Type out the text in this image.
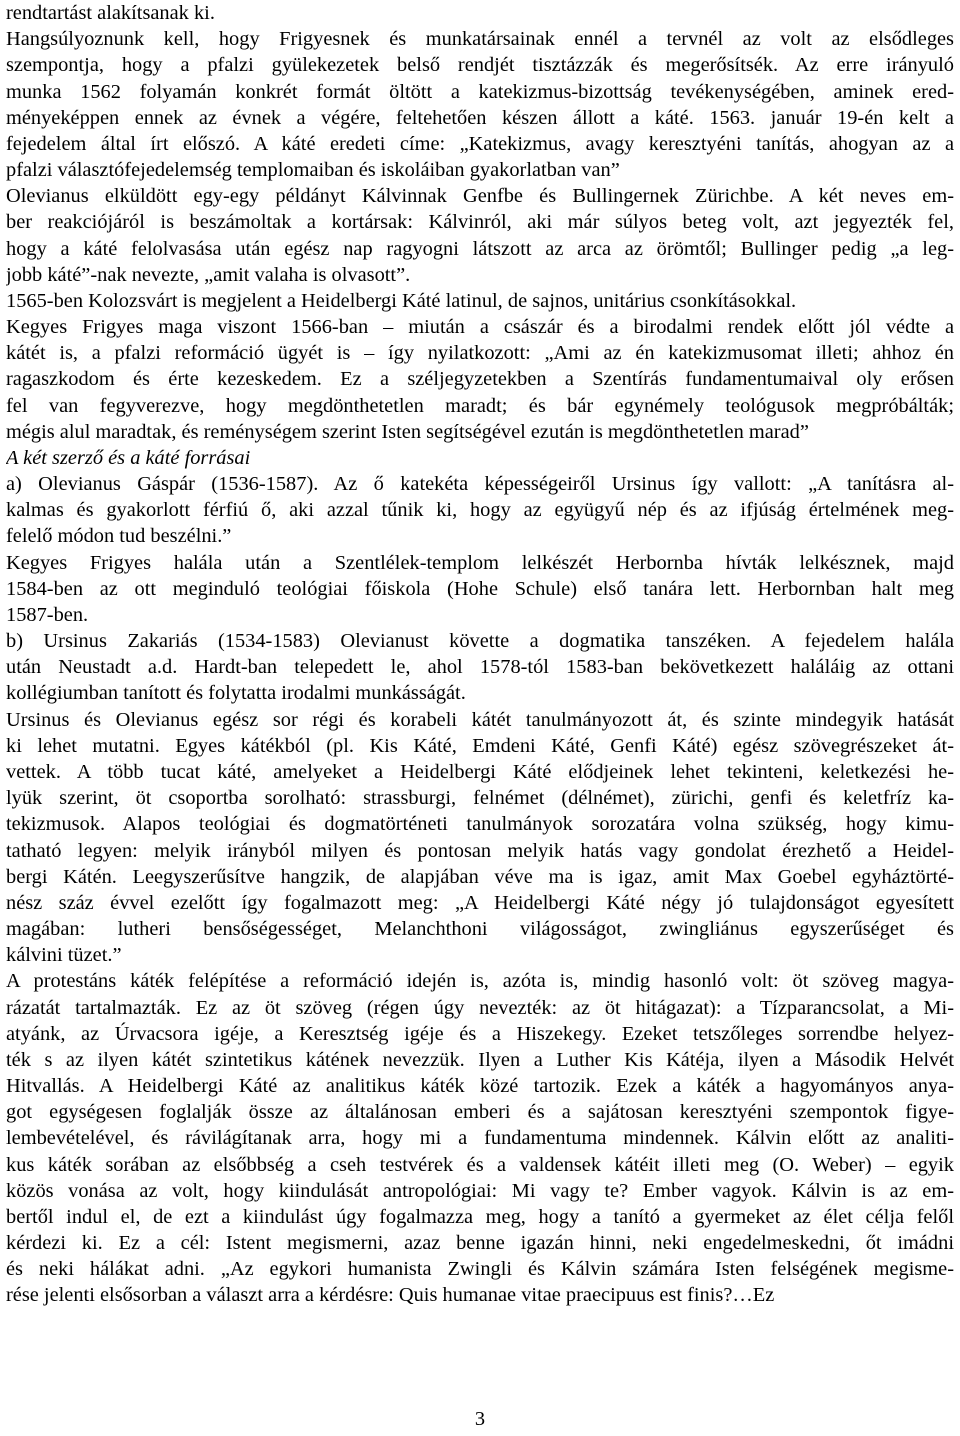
rendtartást alakítsanak ki.
Hangsúlyoznunk kell, hogy Frigyesnek és munkatársainak ennél a tervnél az volt az elsődleges
szempontja, hogy a pfalzi gyülekezetek belső rendjét tisztázzák és megerősítsék. Az erre irányuló
munka 1562 folyamán konkrét formát öltött a katekizmus-bizottság tevékenységében, aminek ered-
ményeképpen ennek az évnek a végére, feltehetően készen állott a káté. 1563. január 19-én kelt a
fejedelem által írt előszó. A káté eredeti címe: „Katekizmus, avagy keresztyéni tanítás, ahogyan az a
pfalzi választófejedelemség templomaiban és iskoláiban gyakorlatban van”
Olevianus elküldött egy-egy példányt Kálvinnak Genfbe és Bullingernek Zürichbe. A két neves em-
ber reakciójáról is beszámoltak a kortársak: Kálvinról, aki már súlyos beteg volt, azt jegyezték fel,
hogy a káté felolvasása után egész nap ragyogni látszott az arca az örömtől; Bullinger pedig „a leg-
jobb káté”-nak nevezte, „amit valaha is olvasott”.
1565-ben Kolozsvárt is megjelent a Heidelbergi Káté latinul, de sajnos, unitárius csonkításokkal.
Kegyes Frigyes maga viszont 1566-ban – miután a császár és a birodalmi rendek előtt jól védte a
kátét is, a pfalzi reformáció ügyét is – így nyilatkozott: „Ami az én katekizmusomat illeti; ahhoz én
ragaszkodom és érte kezeskedem. Ez a széljegyzetekben a Szentírás fundamentumaival oly erősen
fel van fegyverezve, hogy megdönthetetlen maradt; és bár egynémely teológusok megpróbálták;
mégis alul maradtak, és reménységem szerint Isten segítségével ezután is megdönthetetlen marad”
A két szerző és a káté forrásai
a) Olevianus Gáspár (1536-1587). Az ő katekéta képességeiről Ursinus így vallott: „A tanításra al-
kalmas és gyakorlott férfiú ő, aki azzal tűnik ki, hogy az együgyű nép és az ifjúság értelmének meg-
felelő módon tud beszélni.”
Kegyes Frigyes halála után a Szentlélek-templom lelkészét Herbornba hívták lelkésznek, majd
1584-ben az ott meginduló teológiai főiskola (Hohe Schule) első tanára lett. Herbornban halt meg
1587-ben.
b) Ursinus Zakariás (1534-1583) Olevianust követte a dogmatika tanszéken. A fejedelem halála
után Neustadt a.d. Hardt-ban telepedett le, ahol 1578-tól 1583-ban bekövetkezett haláláig az ottani
kollégiumban tanított és folytatta irodalmi munkásságát.
Ursinus és Olevianus egész sor régi és korabeli kátét tanulmányozott át, és szinte mindegyik hatását
ki lehet mutatni. Egyes kátékból (pl. Kis Káté, Emdeni Káté, Genfi Káté) egész szövegrészeket át-
vettek. A több tucat káté, amelyeket a Heidelbergi Káté elődjeinek lehet tekinteni, keletkezési he-
lyük szerint, öt csoportba sorolható: strassburgi, felnémet (délnémet), zürichi, genfi és keletfríz ka-
tekizmusok. Alapos teológiai és dogmatörténeti tanulmányok sorozatára volna szükség, hogy kimu-
tatható legyen: melyik irányból milyen és pontosan melyik hatás vagy gondolat érezhető a Heidel-
bergi Kátén. Leegyszerűsítve hangzik, de alapjában véve ma is igaz, amit Max Goebel egyháztörté-
nész száz évvel ezelőtt így fogalmazott meg: „A Heidelbergi Káté négy jó tulajdonságot egyesített
magában: lutheri bensőségességet, Melanchthoni világosságot, zwingliánus egyszerűséget és
kálvini tüzet.”
A protestáns káték felépítése a reformáció idején is, azóta is, mindig hasonló volt: öt szöveg magya-
rázatát tartalmazták. Ez az öt szöveg (régen úgy nevezték: az öt hitágazat): a Tízparancsolat, a Mi-
atyánk, az Úrvacsora igéje, a Keresztség igéje és a Hiszekegy. Ezeket tetszőleges sorrendbe helyez-
ték s az ilyen kátét szintetikus kátének nevezzük. Ilyen a Luther Kis Kátéja, ilyen a Második Helvét
Hitvallás. A Heidelbergi Káté az analitikus káték közé tartozik. Ezek a káték a hagyományos anya-
got egységesen foglalják össze az általánosan emberi és a sajátosan keresztyéni szempontok figye-
lembevételével, és rávilágítanak arra, hogy mi a fundamentuma mindennek. Kálvin előtt az analiti-
kus káték sorában az elsőbbség a cseh testvérek és a valdensek kátéit illeti meg (O. Weber) – egyik
közös vonása az volt, hogy kiindulását antropológiai: Mi vagy te? Ember vagyok. Kálvin is az em-
bertől indul el, de ezt a kiindulást úgy fogalmazza meg, hogy a tanító a gyermeket az élet célja felől
kérdezi ki. Ez a cél: Istent megismerni, azaz benne igazán hinni, neki engedelmeskedni, őt imádni
és neki hálákat adni. „Az egykori humanista Zwingli és Kálvin számára Isten felségének megisme-
rése jelenti elsősorban a választ arra a kérdésre: Quis humanae vitae praecipuus est finis?…Ez
3
